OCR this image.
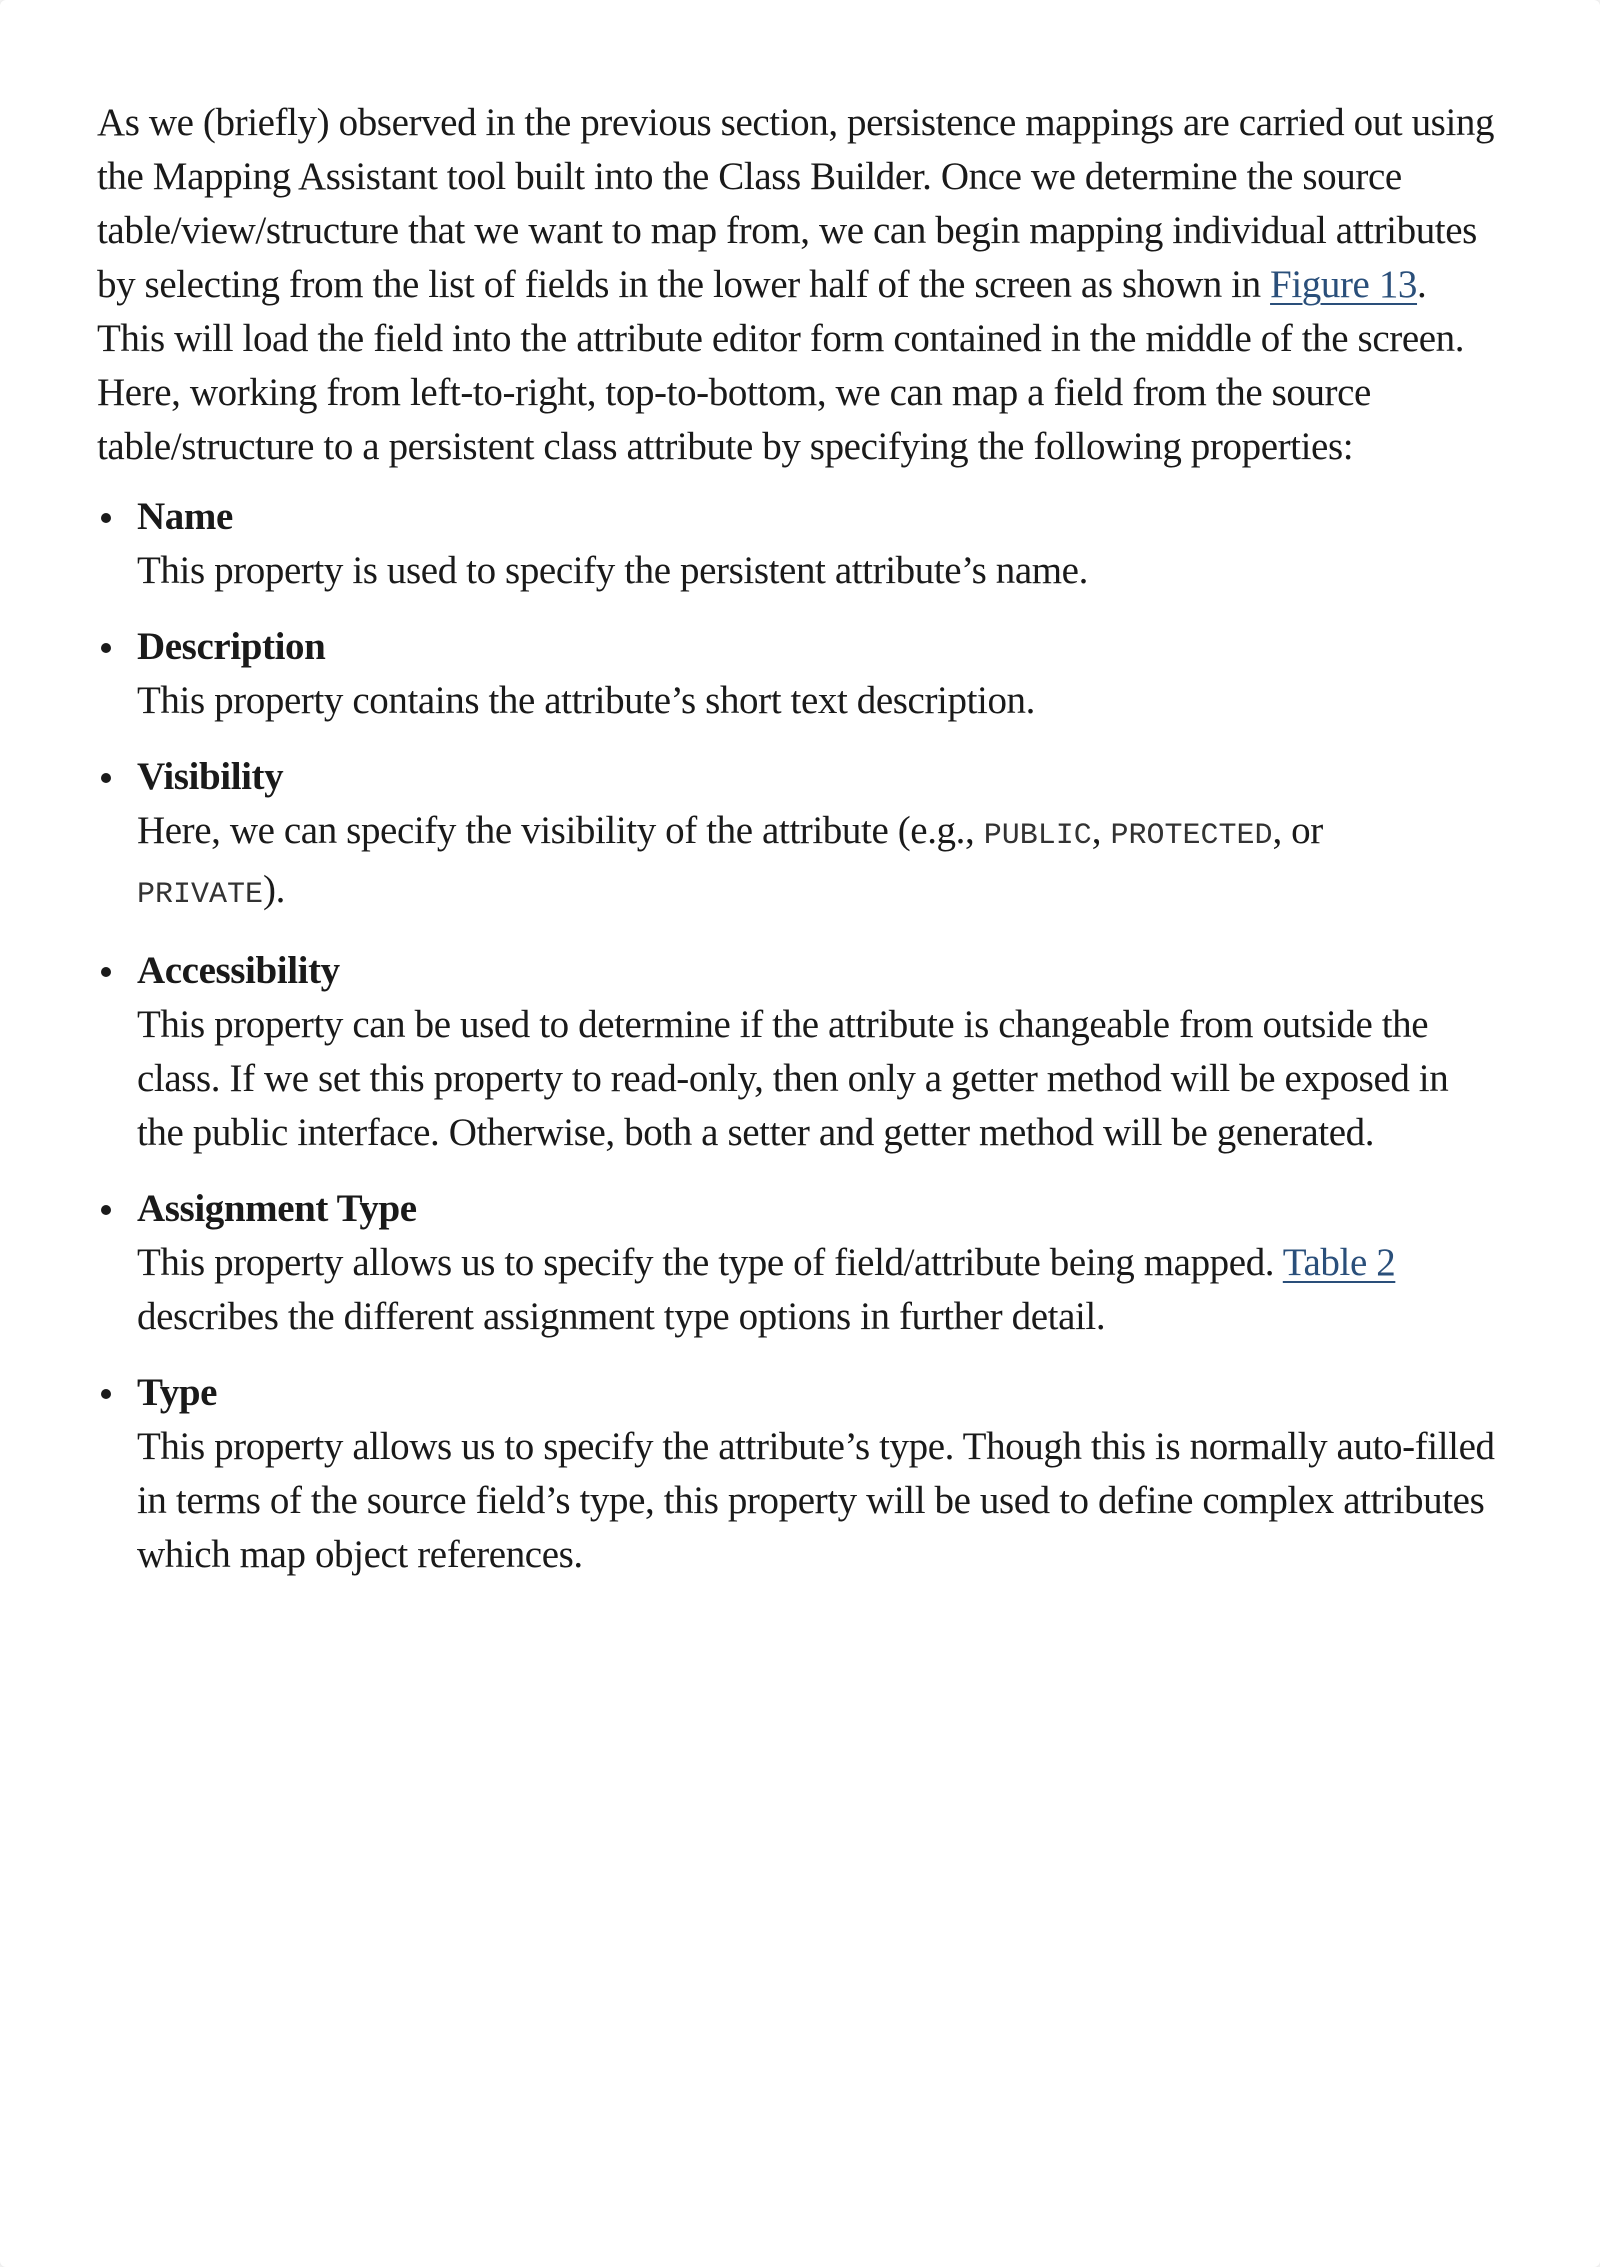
As we (briefly) observed in the previous section, persistence mappings are carried out using the Mapping Assistant tool built into the Class Builder. Once we determine the source table/view/structure that we want to map from, we can begin mapping individual attributes by selecting from the list of fields in the lower half of the screen as shown in Figure 13. This will load the field into the attribute editor form contained in the middle of the screen. Here, working from left-to-right, top-to-bottom, we can map a field from the source table/structure to a persistent class attribute by specifying the following properties:

Name
This property is used to specify the persistent attribute’s name.
Description
This property contains the attribute’s short text description.
Visibility
Here, we can specify the visibility of the attribute (e.g., PUBLIC, PROTECTED, or
PRIVATE).
Accessibility
This property can be used to determine if the attribute is changeable from outside the class. If we set this property to read-only, then only a getter method will be exposed in the public interface. Otherwise, both a setter and getter method will be generated.
Assignment Type
This property allows us to specify the type of field/attribute being mapped. Table 2
describes the different assignment type options in further detail.
Type
This property allows us to specify the attribute’s type. Though this is normally auto-filled in terms of the source field’s type, this property will be used to define complex attributes which map object references.
